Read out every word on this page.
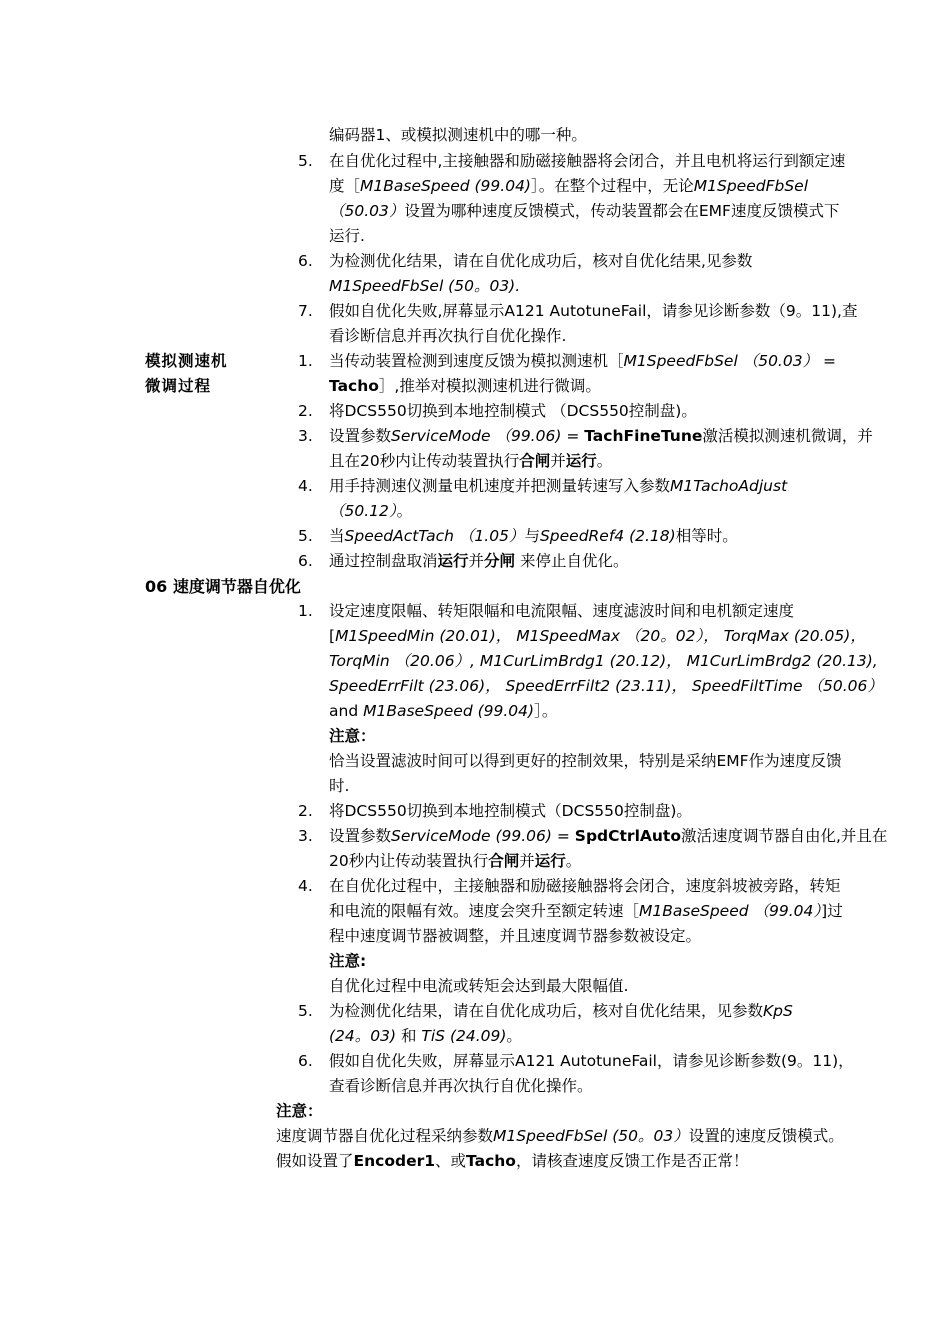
编码器1、或模拟测速机中的哪一种。
5. 在自优化过程中,主接触器和励磁接触器将会闭合，并且电机将运行到额定速
度［M1BaseSpeed (99.04)］。在整个过程中，无论M1SpeedFbSel
（50.03）设置为哪种速度反馈模式，传动装置都会在EMF速度反馈模式下
运行.
6. 为检测优化结果，请在自优化成功后，核对自优化结果,见参数
M1SpeedFbSel (50。03).
7. 假如自优化失败,屏幕显示A121 AutotuneFail，请参见诊断参数（9。11),查
看诊断信息并再次执行自优化操作.
模拟测速机
微调过程
1. 当传动装置检测到速度反馈为模拟测速机［M1SpeedFbSel （50.03） =
Tacho］,推举对模拟测速机进行微调。
2. 将DCS550切换到本地控制模式 （DCS550控制盘)。
3. 设置参数ServiceMode （99.06) = TachFineTune激活模拟测速机微调，并
且在20秒内让传动装置执行合闸并运行。
4. 用手持测速仪测量电机速度并把测量转速写入参数M1TachoAdjust
（50.12）。
5. 当SpeedActTach （1.05）与SpeedRef4 (2.18)相等时。
6. 通过控制盘取消运行并分闸 来停止自优化。
06 速度调节器自优化
1. 设定速度限幅、转矩限幅和电流限幅、速度滤波时间和电机额定速度
[M1SpeedMin (20.01)， M1SpeedMax （20。02）， TorqMax (20.05)，
TorqMin （20.06）, M1CurLimBrdg1 (20.12)， M1CurLimBrdg2 (20.13),
SpeedErrFilt (23.06)， SpeedErrFilt2 (23.11)， SpeedFiltTime （50.06）
and M1BaseSpeed (99.04)］。
注意：
恰当设置滤波时间可以得到更好的控制效果，特别是采纳EMF作为速度反馈
时.
2. 将DCS550切换到本地控制模式（DCS550控制盘)。
3. 设置参数ServiceMode (99.06) = SpdCtrlAuto激活速度调节器自由化,并且在
20秒内让传动装置执行合闸并运行。
4. 在自优化过程中，主接触器和励磁接触器将会闭合，速度斜坡被旁路，转矩
和电流的限幅有效。速度会突升至额定转速［M1BaseSpeed （99.04）]过
程中速度调节器被调整，并且速度调节器参数被设定。
注意:
自优化过程中电流或转矩会达到最大限幅值.
5. 为检测优化结果，请在自优化成功后，核对自优化结果，见参数KpS
(24。03) 和 TiS (24.09)。
6. 假如自优化失败，屏幕显示A121 AutotuneFail，请参见诊断参数(9。11)，
查看诊断信息并再次执行自优化操作。
注意：
速度调节器自优化过程采纳参数M1SpeedFbSel (50。03）设置的速度反馈模式。
假如设置了Encoder1、或Tacho，请核查速度反馈工作是否正常！
